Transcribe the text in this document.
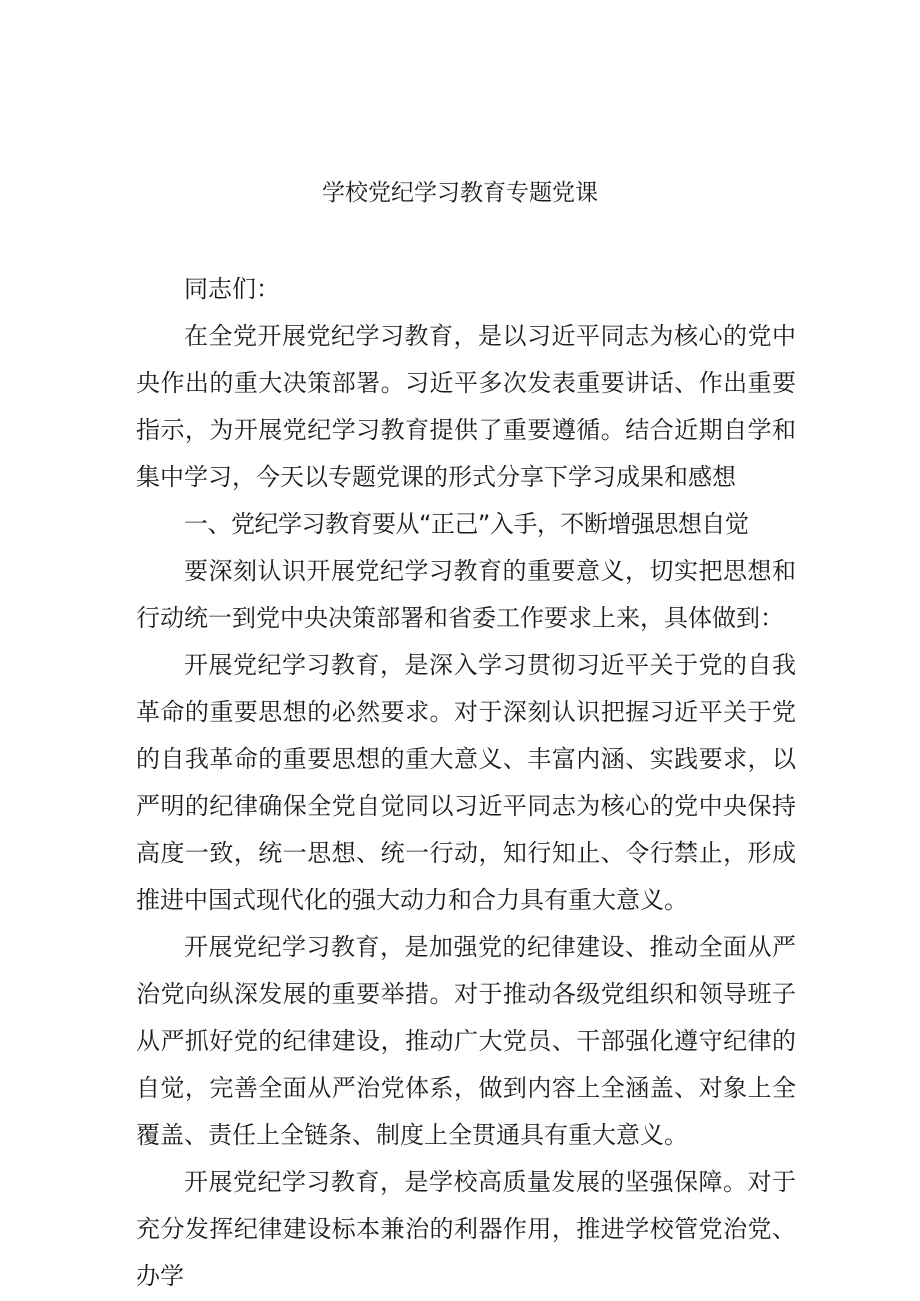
学校党纪学习教育专题党课

同志们：

在全党开展党纪学习教育，是以习近平同志为核心的党中央作出的重大决策部署。习近平多次发表重要讲话、作出重要指示，为开展党纪学习教育提供了重要遵循。结合近期自学和集中学习，今天以专题党课的形式分享下学习成果和感想

一、党纪学习教育要从“正己”入手，不断增强思想自觉

要深刻认识开展党纪学习教育的重要意义，切实把思想和行动统一到党中央决策部署和省委工作要求上来，具体做到：

开展党纪学习教育，是深入学习贯彻习近平关于党的自我革命的重要思想的必然要求。对于深刻认识把握习近平关于党的自我革命的重要思想的重大意义、丰富内涵、实践要求，以严明的纪律确保全党自觉同以习近平同志为核心的党中央保持高度一致，统一思想、统一行动，知行知止、令行禁止，形成推进中国式现代化的强大动力和合力具有重大意义。

开展党纪学习教育，是加强党的纪律建设、推动全面从严治党向纵深发展的重要举措。对于推动各级党组织和领导班子从严抓好党的纪律建设，推动广大党员、干部强化遵守纪律的自觉，完善全面从严治党体系，做到内容上全涵盖、对象上全覆盖、责任上全链条、制度上全贯通具有重大意义。

开展党纪学习教育，是学校高质量发展的坚强保障。对于充分发挥纪律建设标本兼治的利器作用，推进学校管党治党、办学
